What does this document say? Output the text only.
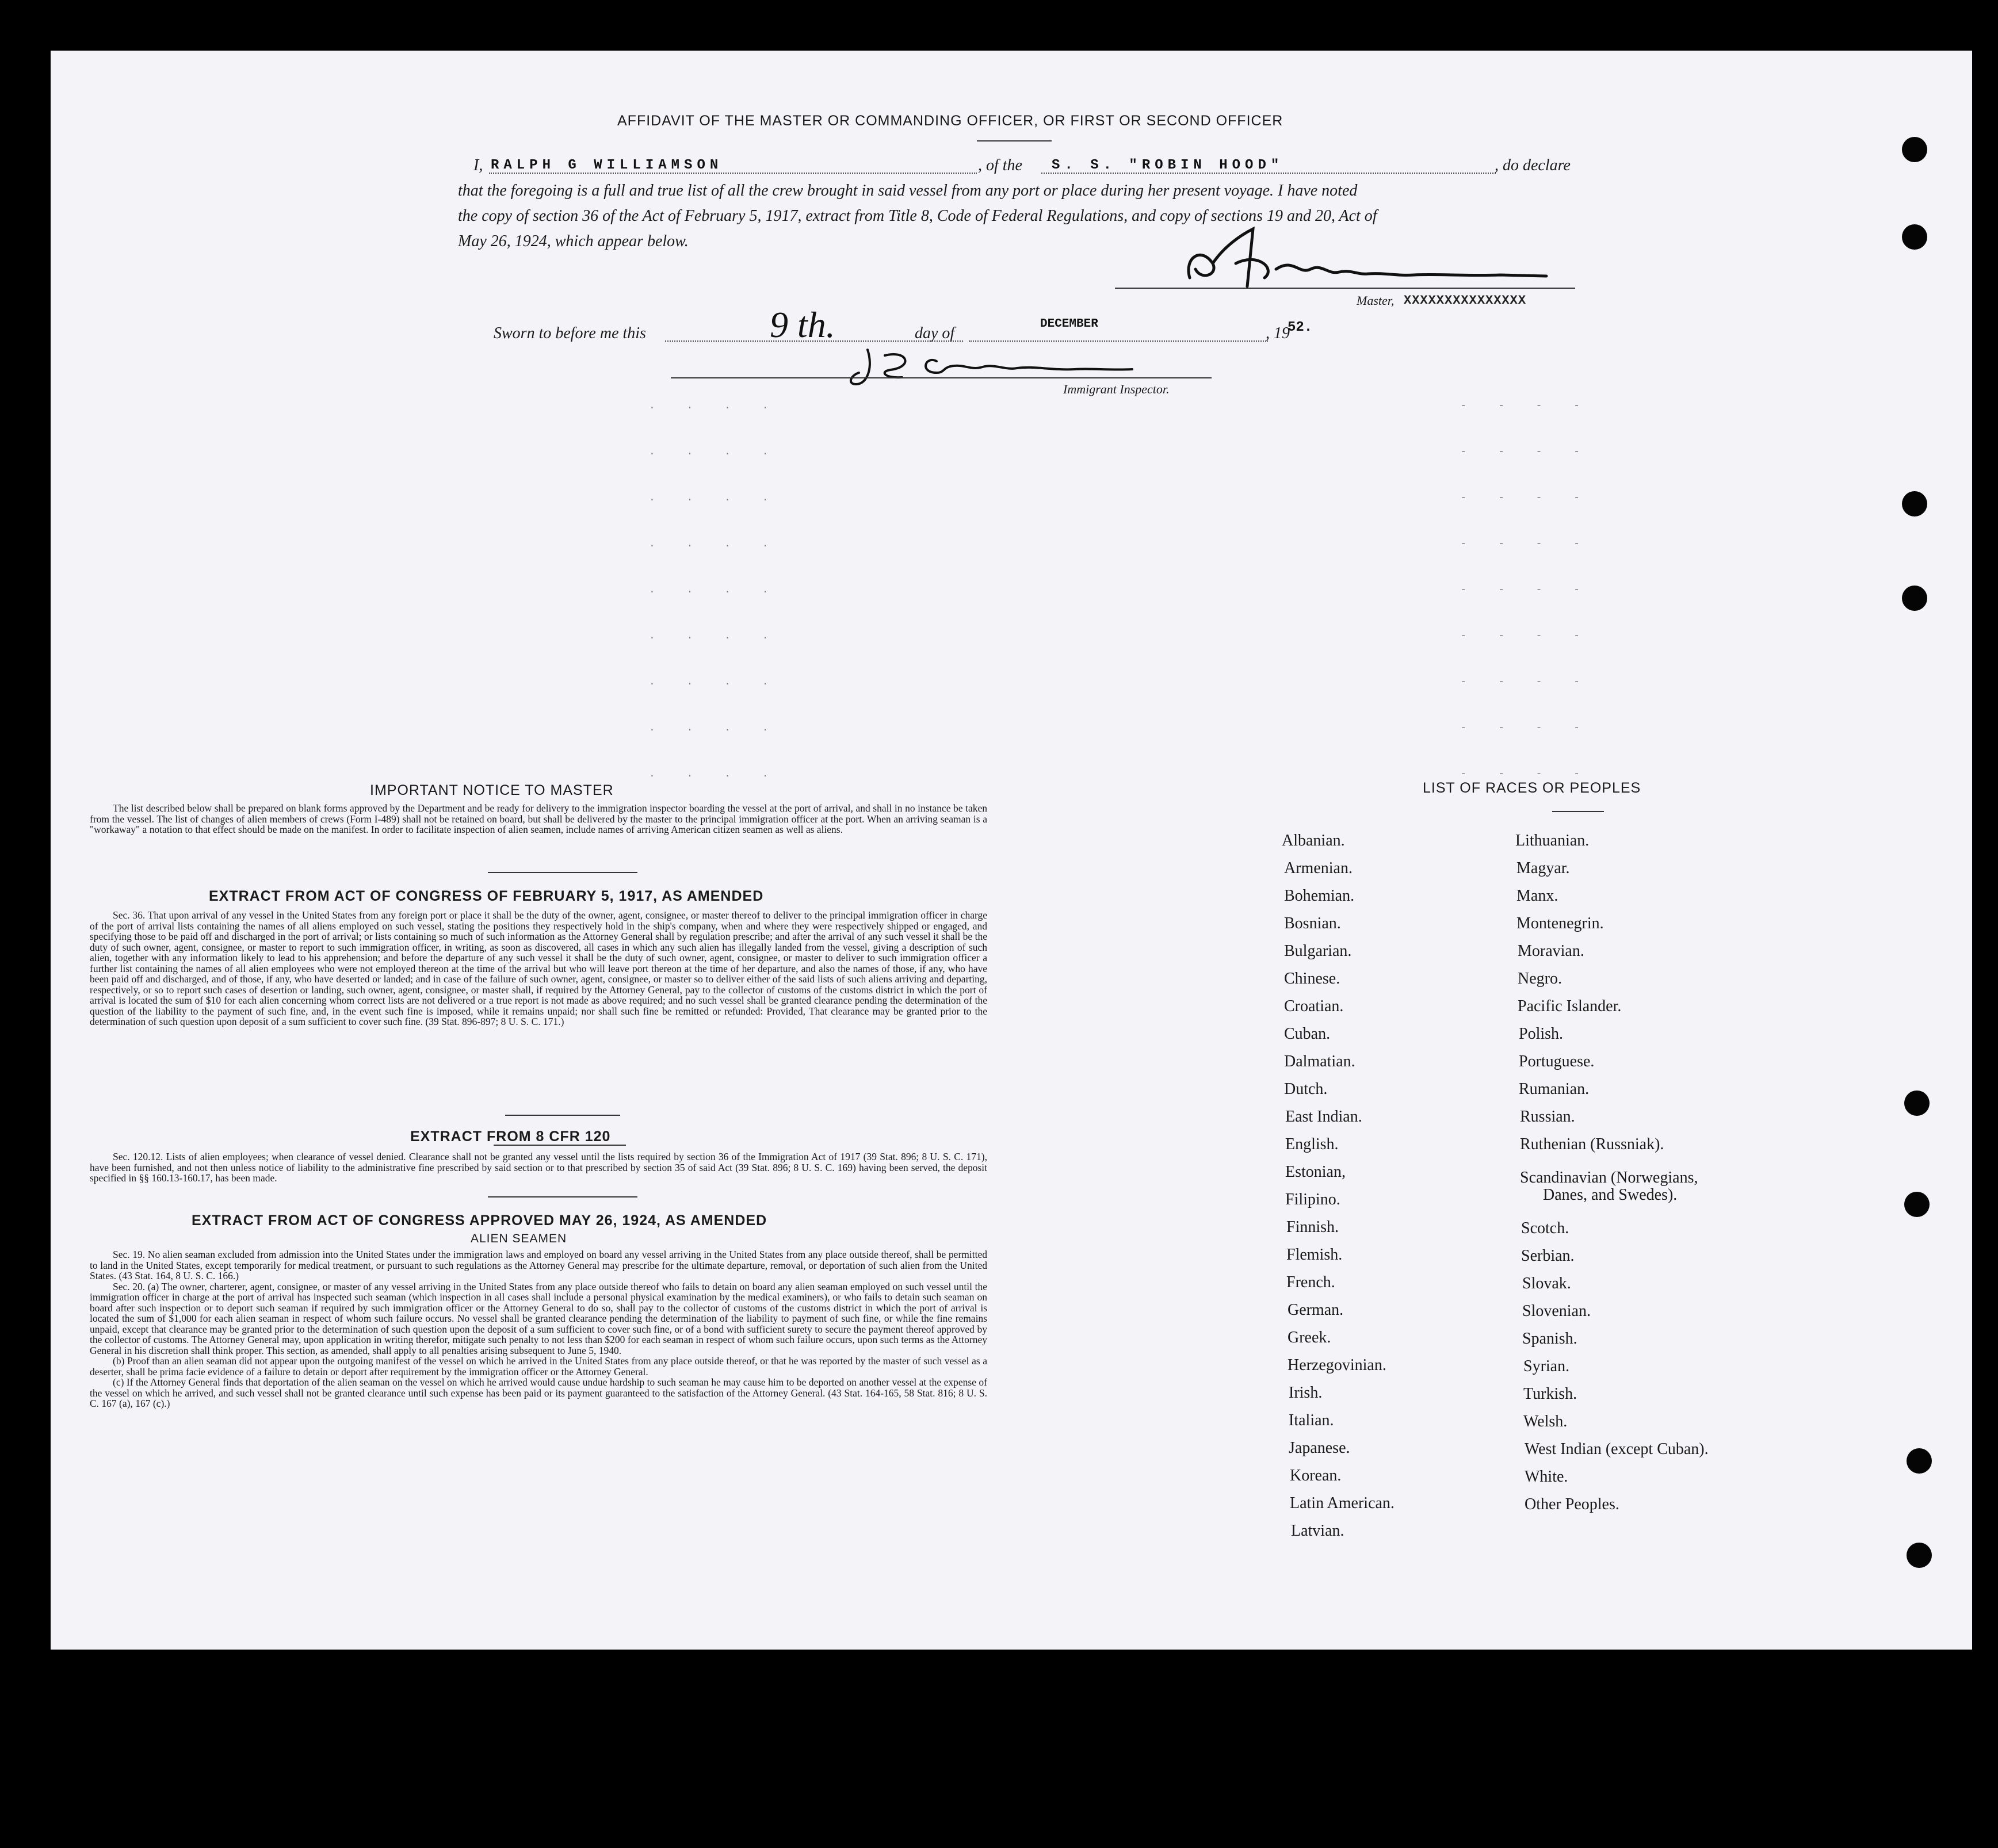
AFFIDAVIT OF THE MASTER OR COMMANDING OFFICER, OR FIRST OR SECOND OFFICER
I, RALPH G WILLIAMSON	, of the S. S. "ROBIN HOOD"	, do declare
that the foregoing is a full and true list of all the crew brought in said vessel from any port or place during her present voyage. I have noted
the copy of section 36 of the Act of February 5, 1917, extract from Title 8, Code of Federal Regulations, and copy of sections 19 and 20, Act of
May 26, 1924, which appear below.
Master, XXXXXXXXXXXXXXX
Sworn to before me this	9 th.	day of
DECEMBER
, 19
52.
Immigrant Inspector.
. . . .                                    - - - -
. . . .                                    - - - -
. . . .                                    - - - -
. . . .                                    - - - -
. . . .                                    - - - -
. . . .                                    - - - -
. . . .                                    - - - -
. . . .                                    - - - -
. . . .                                    - - - -
IMPORTANT NOTICE TO MASTER

The list described below shall be prepared on blank forms approved by the Department and be ready for delivery to the immigration inspector boarding the vessel at the port of arrival, and shall in no instance be taken from the vessel. The list of changes of alien members of crews (Form I-489) shall not be retained on board, but shall be delivered by the master to the principal immigration officer at the port. When an arriving seaman is a "workaway" a notation to that effect should be made on the manifest. In order to facilitate inspection of alien seamen, include names of arriving American citizen seamen as well as aliens.

EXTRACT FROM ACT OF CONGRESS OF FEBRUARY 5, 1917, AS AMENDED

Sec. 36. That upon arrival of any vessel in the United States from any foreign port or place it shall be the duty of the owner, agent, consignee, or master thereof to deliver to the principal immigration officer in charge of the port of arrival lists containing the names of all aliens employed on such vessel, stating the positions they respectively hold in the ship's company, when and where they were respectively shipped or engaged, and specifying those to be paid off and discharged in the port of arrival; or lists containing so much of such information as the Attorney General shall by regulation prescribe; and after the arrival of any such vessel it shall be the duty of such owner, agent, consignee, or master to report to such immigration officer, in writing, as soon as discovered, all cases in which any such alien has illegally landed from the vessel, giving a description of such alien, together with any information likely to lead to his apprehension; and before the departure of any such vessel it shall be the duty of such owner, agent, consignee, or master to deliver to such immigration officer a further list containing the names of all alien employees who were not employed thereon at the time of the arrival but who will leave port thereon at the time of her departure, and also the names of those, if any, who have been paid off and discharged, and of those, if any, who have deserted or landed; and in case of the failure of such owner, agent, consignee, or master so to deliver either of the said lists of such aliens arriving and departing, respectively, or so to report such cases of desertion or landing, such owner, agent, consignee, or master shall, if required by the Attorney General, pay to the collector of customs of the customs district in which the port of arrival is located the sum of $10 for each alien concerning whom correct lists are not delivered or a true report is not made as above required; and no such vessel shall be granted clearance pending the determination of the question of the liability to the payment of such fine, and, in the event such fine is imposed, while it remains unpaid; nor shall such fine be remitted or refunded: Provided, That clearance may be granted prior to the determination of such question upon deposit of a sum sufficient to cover such fine. (39 Stat. 896-897; 8 U. S. C. 171.)

EXTRACT FROM 8 CFR 120

Sec. 120.12. Lists of alien employees; when clearance of vessel denied. Clearance shall not be granted any vessel until the lists required by section 36 of the Immigration Act of 1917 (39 Stat. 896; 8 U. S. C. 171), have been furnished, and not then unless notice of liability to the administrative fine prescribed by said section or to that prescribed by section 35 of said Act (39 Stat. 896; 8 U. S. C. 169) having been served, the deposit specified in §§ 160.13-160.17, has been made.

EXTRACT FROM ACT OF CONGRESS APPROVED MAY 26, 1924, AS AMENDED
ALIEN SEAMEN

Sec. 19. No alien seaman excluded from admission into the United States under the immigration laws and employed on board any vessel arriving in the United States from any place outside thereof, shall be permitted to land in the United States, except temporarily for medical treatment, or pursuant to such regulations as the Attorney General may prescribe for the ultimate departure, removal, or deportation of such alien from the United States. (43 Stat. 164, 8 U. S. C. 166.)

Sec. 20. (a) The owner, charterer, agent, consignee, or master of any vessel arriving in the United States from any place outside thereof who fails to detain on board any alien seaman employed on such vessel until the immigration officer in charge at the port of arrival has inspected such seaman (which inspection in all cases shall include a personal physical examination by the medical examiners), or who fails to detain such seaman on board after such inspection or to deport such seaman if required by such immigration officer or the Attorney General to do so, shall pay to the collector of customs of the customs district in which the port of arrival is located the sum of $1,000 for each alien seaman in respect of whom such failure occurs. No vessel shall be granted clearance pending the determination of the liability to payment of such fine, or while the fine remains unpaid, except that clearance may be granted prior to the determination of such question upon the deposit of a sum sufficient to cover such fine, or of a bond with sufficient surety to secure the payment thereof approved by the collector of customs. The Attorney General may, upon application in writing therefor, mitigate such penalty to not less than $200 for each seaman in respect of whom such failure occurs, upon such terms as the Attorney General in his discretion shall think proper. This section, as amended, shall apply to all penalties arising subsequent to June 5, 1940.

(b) Proof than an alien seaman did not appear upon the outgoing manifest of the vessel on which he arrived in the United States from any place outside thereof, or that he was reported by the master of such vessel as a deserter, shall be prima facie evidence of a failure to detain or deport after requirement by the immigration officer or the Attorney General.

(c) If the Attorney General finds that deportation of the alien seaman on the vessel on which he arrived would cause undue hardship to such seaman he may cause him to be deported on another vessel at the expense of the vessel on which he arrived, and such vessel shall not be granted clearance until such expense has been paid or its payment guaranteed to the satisfaction of the Attorney General. (43 Stat. 164-165, 58 Stat. 816; 8 U. S. C. 167 (a), 167 (c).)

LIST OF RACES OR PEOPLES
Albanian.
Armenian.
Bohemian.
Bosnian.
Bulgarian.
Chinese.
Croatian.
Cuban.
Dalmatian.
Dutch.
East Indian.
English.
Estonian,
Filipino.
Finnish.
Flemish.
French.
German.
Greek.
Herzegovinian.
Irish.
Italian.
Japanese.
Korean.
Latin American.
Latvian.
Lithuanian.
Magyar.
Manx.
Montenegrin.
Moravian.
Negro.
Pacific Islander.
Polish.
Portuguese.
Rumanian.
Russian.
Ruthenian (Russniak).
Scandinavian (Norwegians,
Danes, and Swedes).
Scotch.
Serbian.
Slovak.
Slovenian.
Spanish.
Syrian.
Turkish.
Welsh.
West Indian (except Cuban).
White.
Other Peoples.
